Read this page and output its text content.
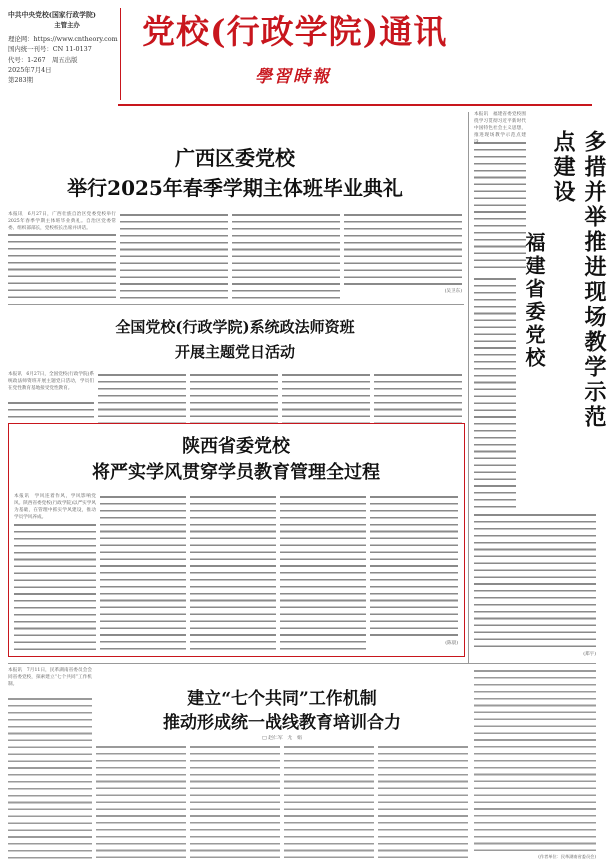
中共中央党校(国家行政学院)
主管主办
理论网：https://www.cntheory.com
国内统一刊号：CN 11-0137
代号：1-267　周五出版
2025年7月4日
第283期
党校(行政学院)通讯
學習時報
广西区委党校
举行2025年春季学期主体班毕业典礼
本报讯　6月27日，广西壮族自治区党委党校举行2025年春季学期主体班毕业典礼。自治区党委常委、组织部部长，党校校长出席并讲话。
(吴卫东)
全国党校(行政学院)系统政法师资班
开展主题党日活动
本报讯　6月27日，全国党校(行政学院)系统政法师资班开展主题党日活动，学员们在党性教育基地接受党性教育。
陕西省委党校
将严实学风贯穿学员教育管理全过程
本报讯　学风连着作风，学风影响党风。陕西省委党校(行政学院)以严实学风为基础，在管理中抓实学风建设，推动学员学风养成。
(陈晨)
本报讯　福建省委党校围绕学习贯彻习近平新时代中国特色社会主义思想，推进现场教学示范点建设。	多措并举推进现场教学示范点建设
福建省委党校
(郑宇)
本报讯　7月11日，民革湖南省委员会会同省委党校，探索建立“七个共同”工作机制。
建立“七个共同”工作机制
推动形成统一战线教育培训合力
□ 赵仁军　尤　娟
(作者单位：民革湖南省委员会)
